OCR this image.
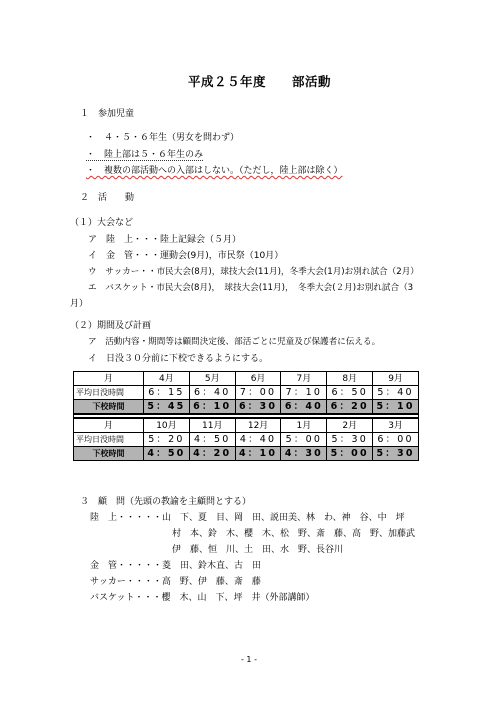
平成２５年度　　部活動
１　参加児童
・　４・５・６年生（男女を問わず）
・　陸上部は５・６年生のみ
・　複数の部活動への入部はしない。（ただし，陸上部は除く）
２　活　　動
（１）大会など
ア　陸　上・・・陸上記録会（５月）
イ　金　管・・・運動会(9月)，市民祭（10月）
ウ　サッカー・・市民大会(8月)，球技大会(11月)，冬季大会(1月)お別れ試合（2月）
エ　バスケット・市民大会(8月)，　球技大会(11月)，　冬季大会(２月)お別れ試合（3
月）
（２）期間及び計画
ア　活動内容・期間等は顧問決定後、部活ごとに児童及び保護者に伝える。
イ　日没３０分前に下校できるようにする。
月	4月	5月	6月	7月	8月	9月
平均日没時間	6：15	6：40	7：00	7：10	6：50	5：40
下校時間	5：45	6：10	6：30	6：40	6：20	5：10

月	10月	11月	12月	1月	2月	3月
平均日没時間	5：20	4：50	4：40	5：00	5：30	6：00
下校時間	4：50	4：20	4：10	4：30	5：00	5：30
３　顧　問（先頭の教諭を主顧問とする）
陸　上・・・・・山　下、夏　目、岡　田、説田美、林　わ、神　谷、中　坪
村　本、鈴　木、櫻　木、松　野、斎　藤、高　野、加藤武
伊　藤、恒　川、土　田、水　野、長谷川
金　管・・・・・菱　田、鈴木直、古　田
サッカー・・・・高　野、伊　藤、斎　藤
バスケット・・・櫻　木、山　下、坪　井（外部講師）
- 1 -
